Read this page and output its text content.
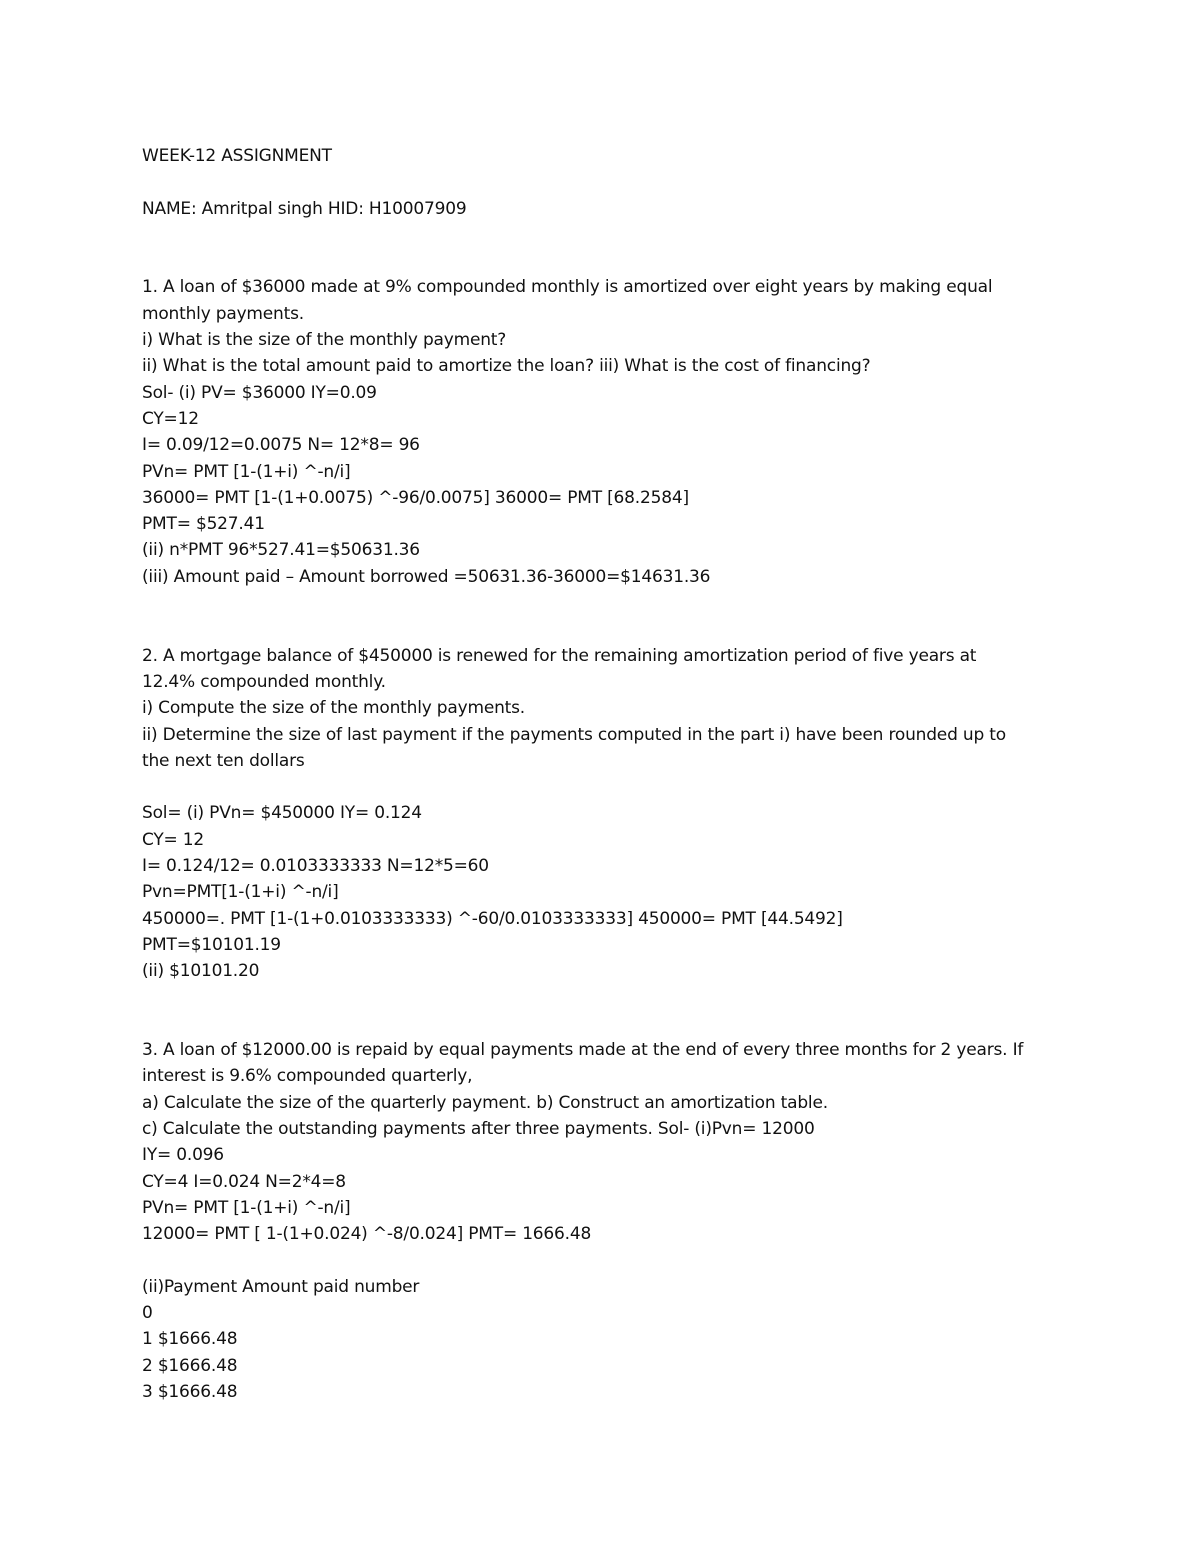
WEEK-12 ASSIGNMENT

NAME: Amritpal singh HID: H10007909

1. A loan of $36000 made at 9% compounded monthly is amortized over eight years by making equal

monthly payments.

i) What is the size of the monthly payment?

ii) What is the total amount paid to amortize the loan? iii) What is the cost of financing?

Sol- (i) PV= $36000 IY=0.09

CY=12

I= 0.09/12=0.0075 N= 12*8= 96

PVn= PMT [1-(1+i) ^-n/i]

36000= PMT [1-(1+0.0075) ^-96/0.0075] 36000= PMT [68.2584]

PMT= $527.41

(ii) n*PMT 96*527.41=$50631.36

(iii) Amount paid – Amount borrowed =50631.36-36000=$14631.36

2. A mortgage balance of $450000 is renewed for the remaining amortization period of five years at

12.4% compounded monthly.

i) Compute the size of the monthly payments.

ii) Determine the size of last payment if the payments computed in the part i) have been rounded up to

the next ten dollars

Sol= (i) PVn= $450000 IY= 0.124

CY= 12

I= 0.124/12= 0.0103333333 N=12*5=60

Pvn=PMT[1-(1+i) ^-n/i]

450000=. PMT [1-(1+0.0103333333) ^-60/0.0103333333] 450000= PMT [44.5492]

PMT=$10101.19

(ii) $10101.20

3. A loan of $12000.00 is repaid by equal payments made at the end of every three months for 2 years. If

interest is 9.6% compounded quarterly,

a) Calculate the size of the quarterly payment. b) Construct an amortization table.

c) Calculate the outstanding payments after three payments. Sol- (i)Pvn= 12000

IY= 0.096

CY=4 I=0.024 N=2*4=8

PVn= PMT [1-(1+i) ^-n/i]

12000= PMT [ 1-(1+0.024) ^-8/0.024] PMT= 1666.48

(ii)Payment Amount paid number

0

1 $1666.48

2 $1666.48

3 $1666.48
